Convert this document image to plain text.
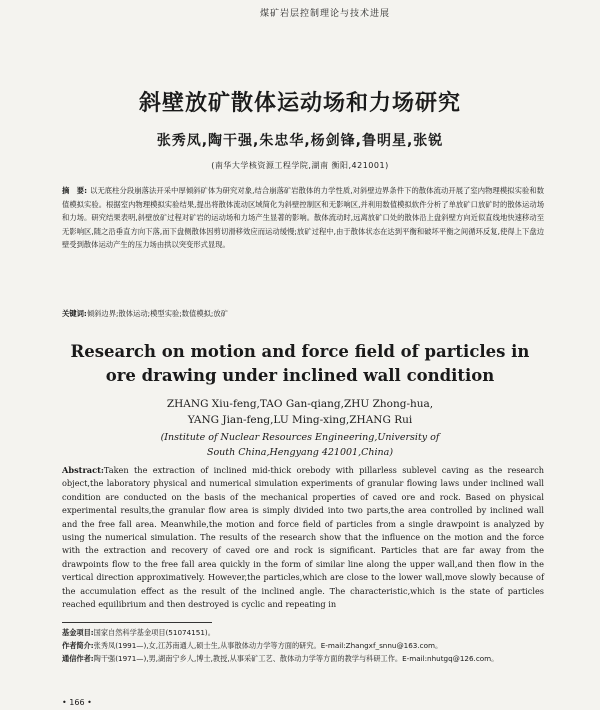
煤矿岩层控制理论与技术进展
斜壁放矿散体运动场和力场研究
张秀凤,陶干强,朱忠华,杨剑锋,鲁明星,张锐
(南华大学核资源工程学院,湖南 衡阳,421001)
摘　要: 以无底柱分段崩落法开采中厚倾斜矿体为研究对象,结合崩落矿岩散体的力学性质,对斜壁边界条件下的散体流动开展了室内物理模拟实验和数值模拟实验。根据室内物理模拟实验结果,提出将散体流动区域简化为斜壁控制区和无影响区,并利用数值模拟软件分析了单放矿口放矿时的散体运动场和力场。研究结果表明,斜壁放矿过程对矿岩的运动场和力场产生显著的影响。散体流动时,远离放矿口处的散体沿上盘斜壁方向近似直线地快速移动至无影响区,随之沿垂直方向下落,而下盘侧散体因剪切滑移效应而运动缓慢;放矿过程中,由于散体状态在达到平衡和破坏平衡之间循环反复,使得上下盘边壁受到散体运动产生的压力场由拱以突变形式显现。
关键词:倾斜边界;散体运动;模型实验;数值模拟;放矿
Research on motion and force field of particles in
ore drawing under inclined wall condition
ZHANG Xiu-feng,TAO Gan-qiang,ZHU Zhong-hua,
YANG Jian-feng,LU Ming-xing,ZHANG Rui
(Institute of Nuclear Resources Engineering,University of
South China,Hengyang 421001,China)
Abstract:Taken the extraction of inclined mid-thick orebody with pillarless sublevel caving as the research object,the laboratory physical and numerical simulation experiments of granular flowing laws under inclined wall condition are conducted on the basis of the mechanical properties of caved ore and rock. Based on physical experimental results,the granular flow area is simply divided into two parts,the area controlled by inclined wall and the free fall area. Meanwhile,the motion and force field of particles from a single drawpoint is analyzed by using the numerical simulation. The results of the research show that the influence on the motion and the force with the extraction and recovery of caved ore and rock is significant. Particles that are far away from the drawpoints flow to the free fall area quickly in the form of similar line along the upper wall,and then flow in the vertical direction approximatively. However,the particles,which are close to the lower wall,move slowly because of the accumulation effect as the result of the inclined angle. The characteristic,which is the state of particles reached equilibrium and then destroyed is cyclic and repeating in
基金项目:国家自然科学基金项目(51074151)。
作者简介:张秀凤(1991—),女,江苏南通人,硕士生,从事散体动力学等方面的研究。E-mail:Zhangxf_snnu@163.com。
通信作者:陶干强(1971—),男,湖南宁乡人,博士,教授,从事采矿工艺、散体动力学等方面的教学与科研工作。E-mail:nhutgq@126.com。
• 166 •
